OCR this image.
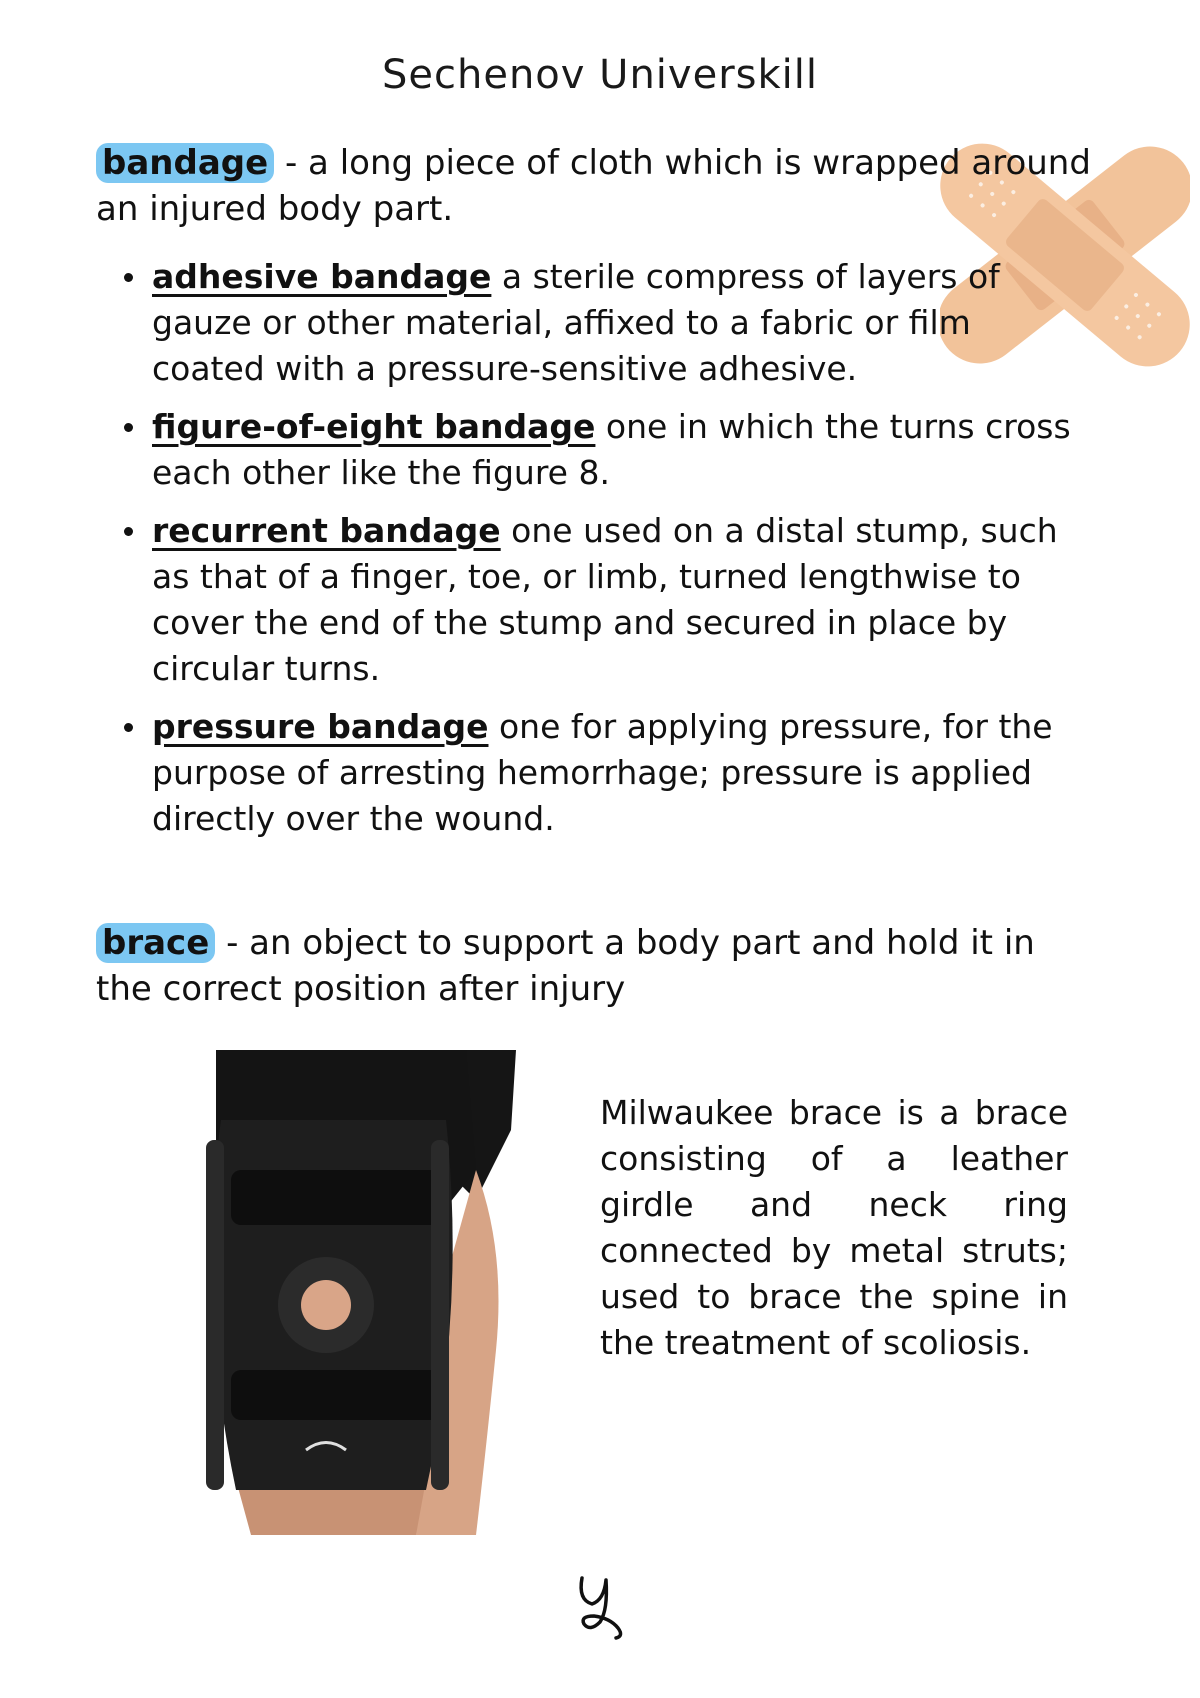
Sechenov Universkill
bandage - a long piece of cloth which is wrapped around an injured body part.
adhesive bandage a sterile compress of layers of gauze or other material, affixed to a fabric or film coated with a pressure-sensitive adhesive.
figure-of-eight bandage one in which the turns cross each other like the figure 8.
recurrent bandage one used on a distal stump, such as that of a finger, toe, or limb, turned lengthwise to cover the end of the stump and secured in place by circular turns.
pressure bandage one for applying pressure, for the purpose of arresting hemorrhage; pressure is applied directly over the wound.
brace - an object to support a body part and hold it in the correct position after injury
Milwaukee brace is a brace consisting of a leather girdle and neck ring connected by metal struts; used to brace the spine in the treatment of scoliosis.
